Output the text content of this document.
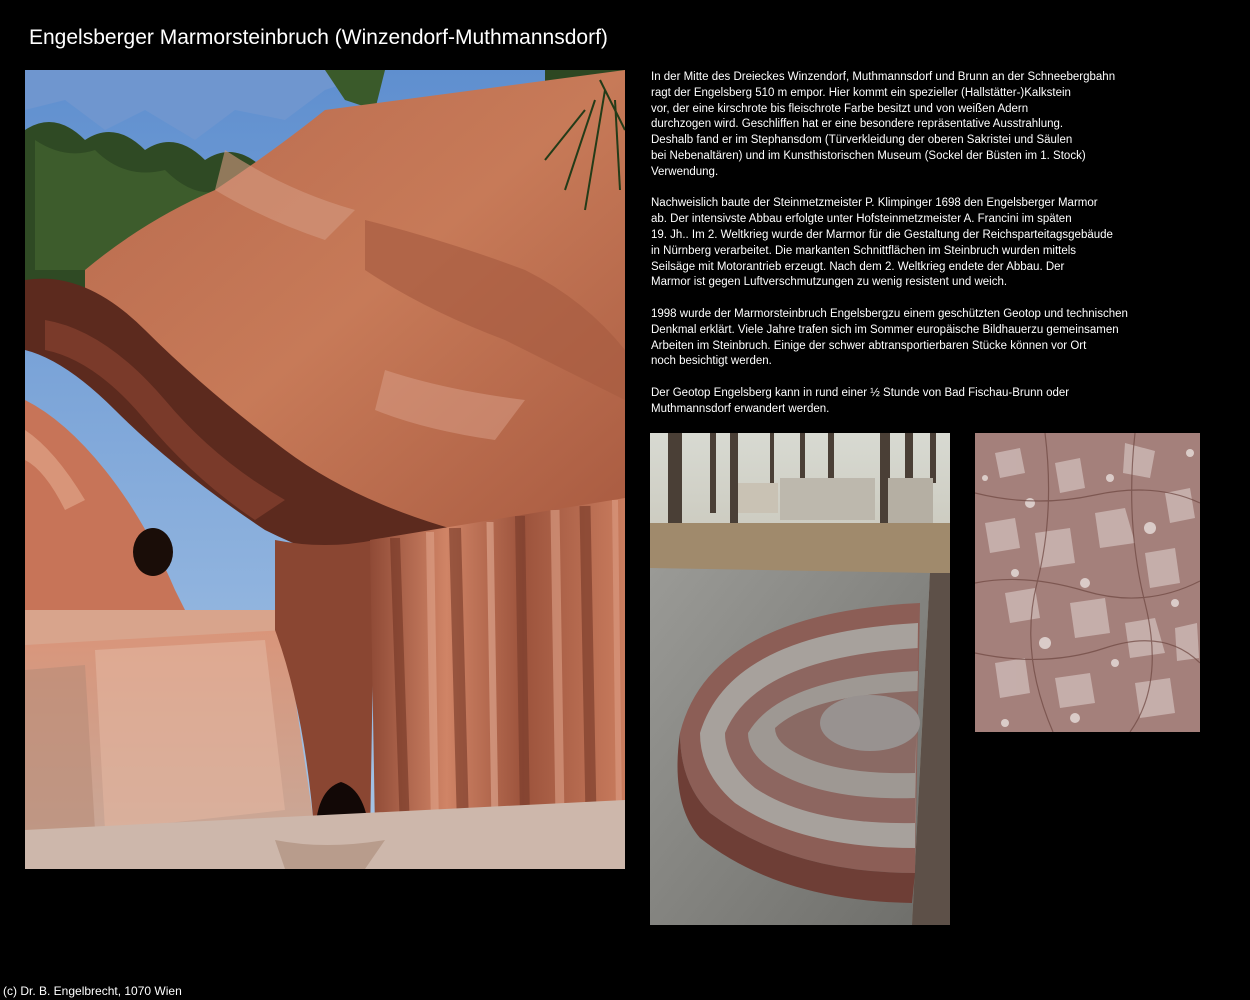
Engelsberger Marmorsteinbruch (Winzendorf-Muthmannsdorf)

In der Mitte des Dreieckes Winzendorf, Muthmannsdorf und Brunn an der Schneebergbahn
ragt der Engelsberg 510 m empor. Hier kommt ein spezieller (Hallstätter-)Kalkstein
vor, der eine kirschrote bis fleischrote Farbe besitzt und von weißen Adern
durchzogen wird. Geschliffen hat er eine besondere repräsentative Ausstrahlung.
Deshalb fand er im Stephansdom (Türverkleidung der oberen Sakristei und Säulen
bei Nebenaltären) und im Kunsthistorischen Museum (Sockel der Büsten im 1. Stock)
Verwendung.

Nachweislich baute der Steinmetzmeister P. Klimpinger 1698 den Engelsberger Marmor
ab. Der intensivste Abbau erfolgte unter Hofsteinmetzmeister A. Francini im späten
19. Jh.. Im 2. Weltkrieg wurde der Marmor für die Gestaltung der Reichsparteitagsgebäude
in Nürnberg verarbeitet. Die markanten Schnittflächen im Steinbruch wurden mittels
Seilsäge mit Motorantrieb erzeugt. Nach dem 2. Weltkrieg endete der Abbau. Der
Marmor ist gegen Luftverschmutzungen zu wenig resistent und weich.

1998 wurde der Marmorsteinbruch Engelsbergzu einem geschützten Geotop und technischen
Denkmal erklärt. Viele Jahre trafen sich im Sommer europäische Bildhauerzu gemeinsamen
Arbeiten im Steinbruch. Einige der schwer abtransportierbaren Stücke können vor Ort
noch besichtigt werden.

Der Geotop Engelsberg kann in rund einer ½ Stunde von Bad Fischau-Brunn oder
Muthmannsdorf erwandert werden.

(c) Dr. B. Engelbrecht, 1070 Wien
